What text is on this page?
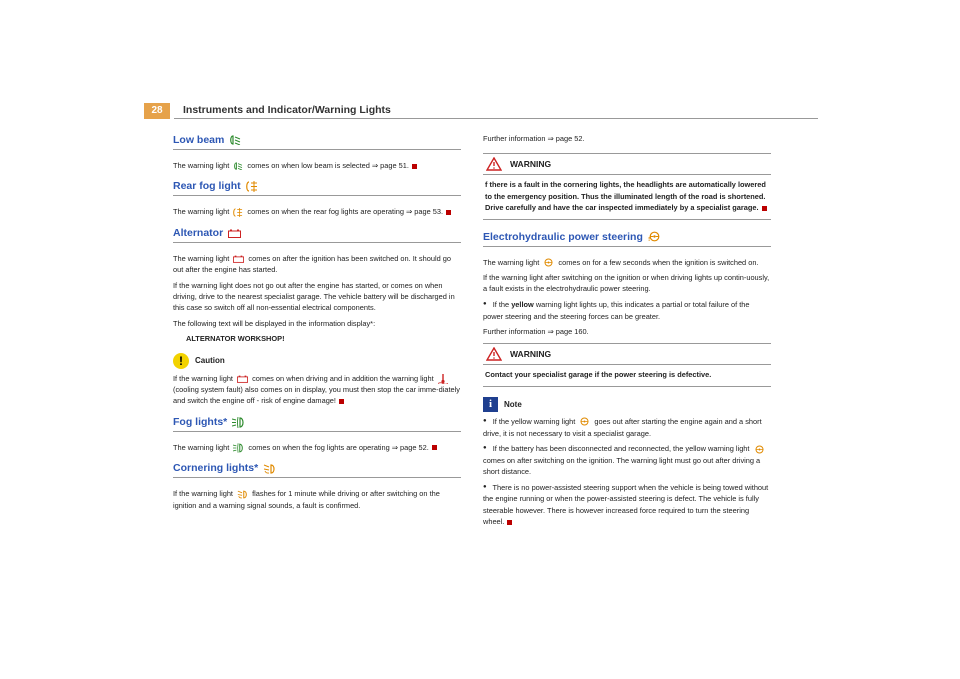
28	Instruments and Indicator/Warning Lights
Low beam

The warning light comes on when low beam is selected ⇒ page 51.

Rear fog light

The warning light comes on when the rear fog lights are operating ⇒ page 53.

Alternator

The warning light	comes on after the ignition has been switched on. It should go out after the engine has started.

If the warning light does not go out after the engine has started, or comes on when driving, drive to the nearest specialist garage. The vehicle battery will be discharged in this case so switch off all non-essential electrical components.

The following text will be displayed in the information display*:

ALTERNATOR WORKSHOP!

!	Caution

If the warning light	comes on when driving and in addition the warning light  (cooling system fault) also comes on in display, you must then stop the car imme-diately and switch the engine off - risk of engine damage!

Fog lights*

The warning light	comes on when the fog lights are operating ⇒ page 52.

Cornering lights*

If the warning light	flashes for 1 minute while driving or after switching on the ignition and a warning signal sounds, a fault is confirmed.

Further information ⇒ page 52.

WARNING
f there is a fault in the cornering lights, the headlights are automatically lowered to the emergency position. Thus the illuminated length of the road is shortened. Drive carefully and have the car inspected immediately by a specialist garage.
Electrohydraulic power steering !

The warning light	comes on for a few seconds when the ignition is switched on.

If the warning light after switching on the ignition or when driving lights up contin-uously, a fault exists in the electrohydraulic power steering.

● If the yellow warning light lights up, this indicates a partial or total failure of the power steering and the steering forces can be greater.

Further information ⇒ page 160.

WARNING
Contact your specialist garage if the power steering is defective.
i	Note

● If the yellow warning light	goes out after starting the engine again and a short drive, it is not necessary to visit a specialist garage.

● If the battery has been disconnected and reconnected, the yellow warning light  comes on after switching on the ignition. The warning light must go out after driving a short distance.

● There is no power-assisted steering support when the vehicle is being towed without the engine running or when the power-assisted steering is defect. The vehicle is fully steerable however. There is however increased force required to turn the steering wheel.
